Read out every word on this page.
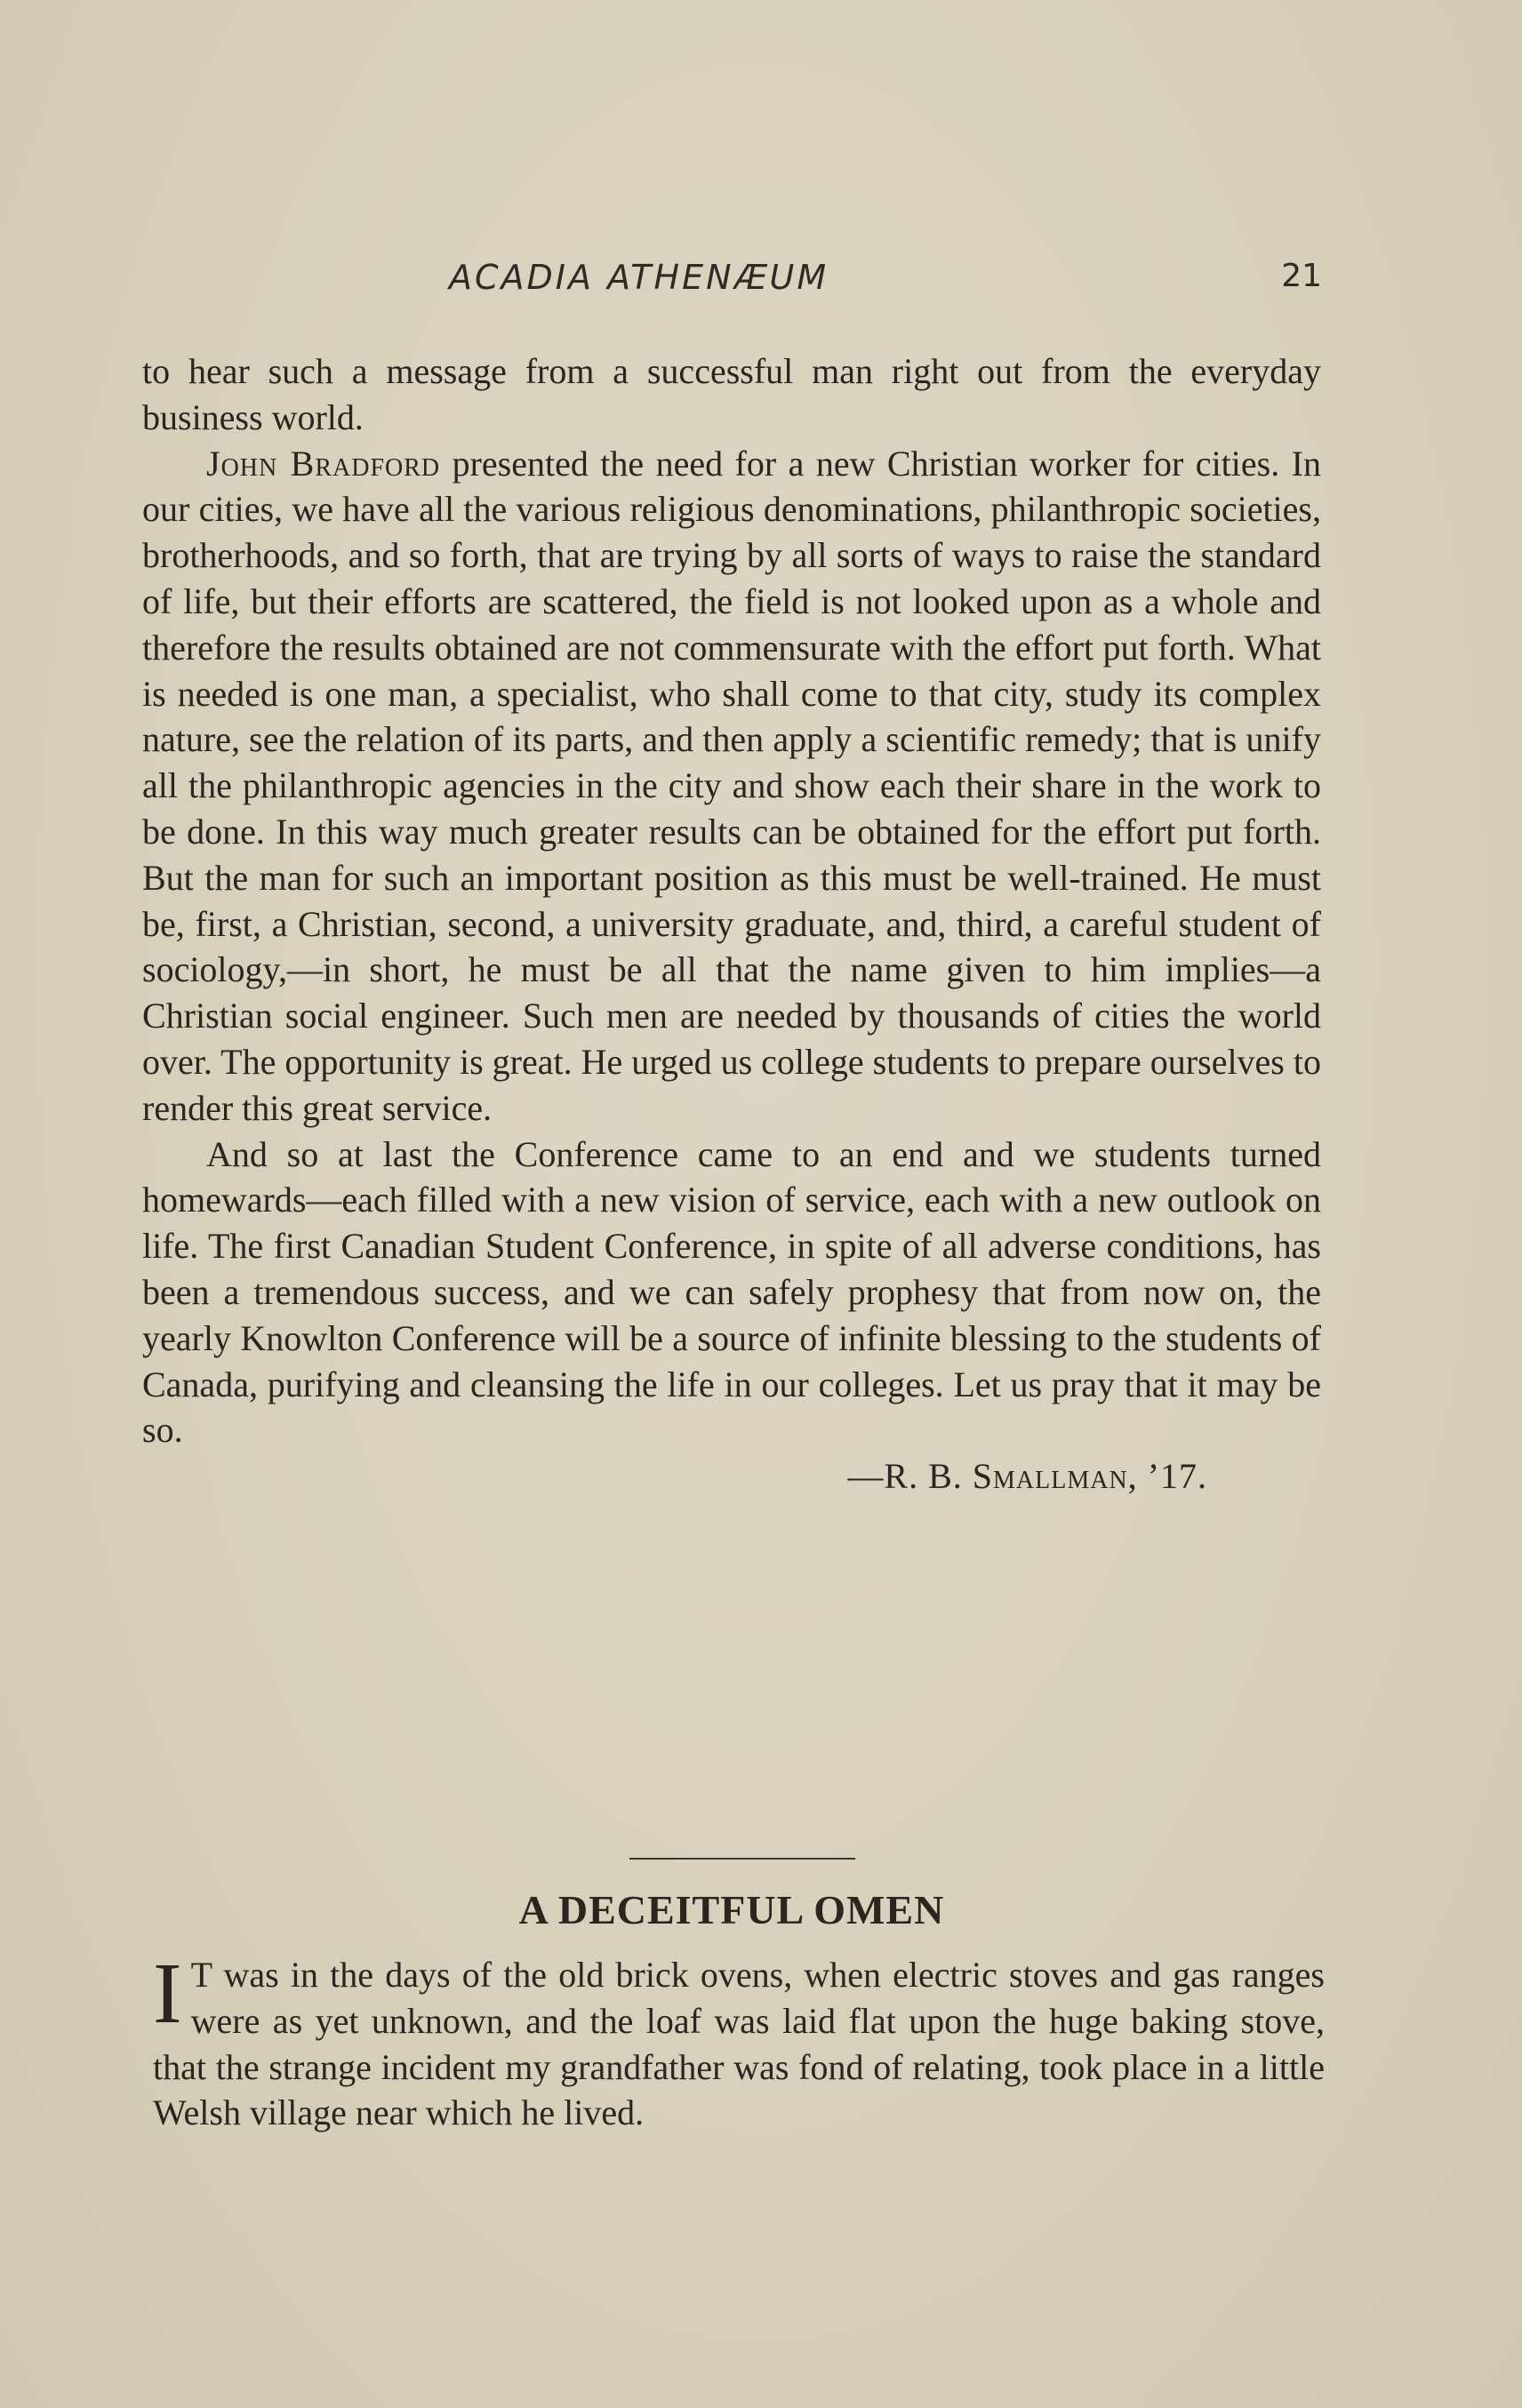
ACADIA ATHENÆUM	21

to hear such a message from a successful man right out from the everyday business world.

John Bradford presented the need for a new Christian worker for cities. In our cities, we have all the various religious denominations, philanthropic societies, brotherhoods, and so forth, that are trying by all sorts of ways to raise the standard of life, but their efforts are scattered, the field is not looked upon as a whole and therefore the results obtained are not commensurate with the effort put forth. What is needed is one man, a specialist, who shall come to that city, study its complex nature, see the relation of its parts, and then apply a scientific remedy; that is unify all the philanthropic agencies in the city and show each their share in the work to be done. In this way much greater results can be obtained for the effort put forth. But the man for such an important position as this must be well-trained. He must be, first, a Christian, second, a university graduate, and, third, a careful student of sociology,—in short, he must be all that the name given to him implies—a Christian social engineer. Such men are needed by thousands of cities the world over. The opportunity is great. He urged us college students to prepare ourselves to render this great service.

And so at last the Conference came to an end and we students turned homewards—each filled with a new vision of service, each with a new outlook on life. The first Canadian Student Conference, in spite of all adverse conditions, has been a tremendous success, and we can safely prophesy that from now on, the yearly Knowlton Conference will be a source of infinite blessing to the students of Canada, purifying and cleansing the life in our colleges. Let us pray that it may be so.

—R. B. Smallman, ’17.

A DECEITFUL OMEN

I T was in the days of the old brick ovens, when electric stoves and gas ranges were as yet unknown, and the loaf was laid flat upon the huge baking stove, that the strange incident my grandfather was fond of relating, took place in a little Welsh village near which he lived.
